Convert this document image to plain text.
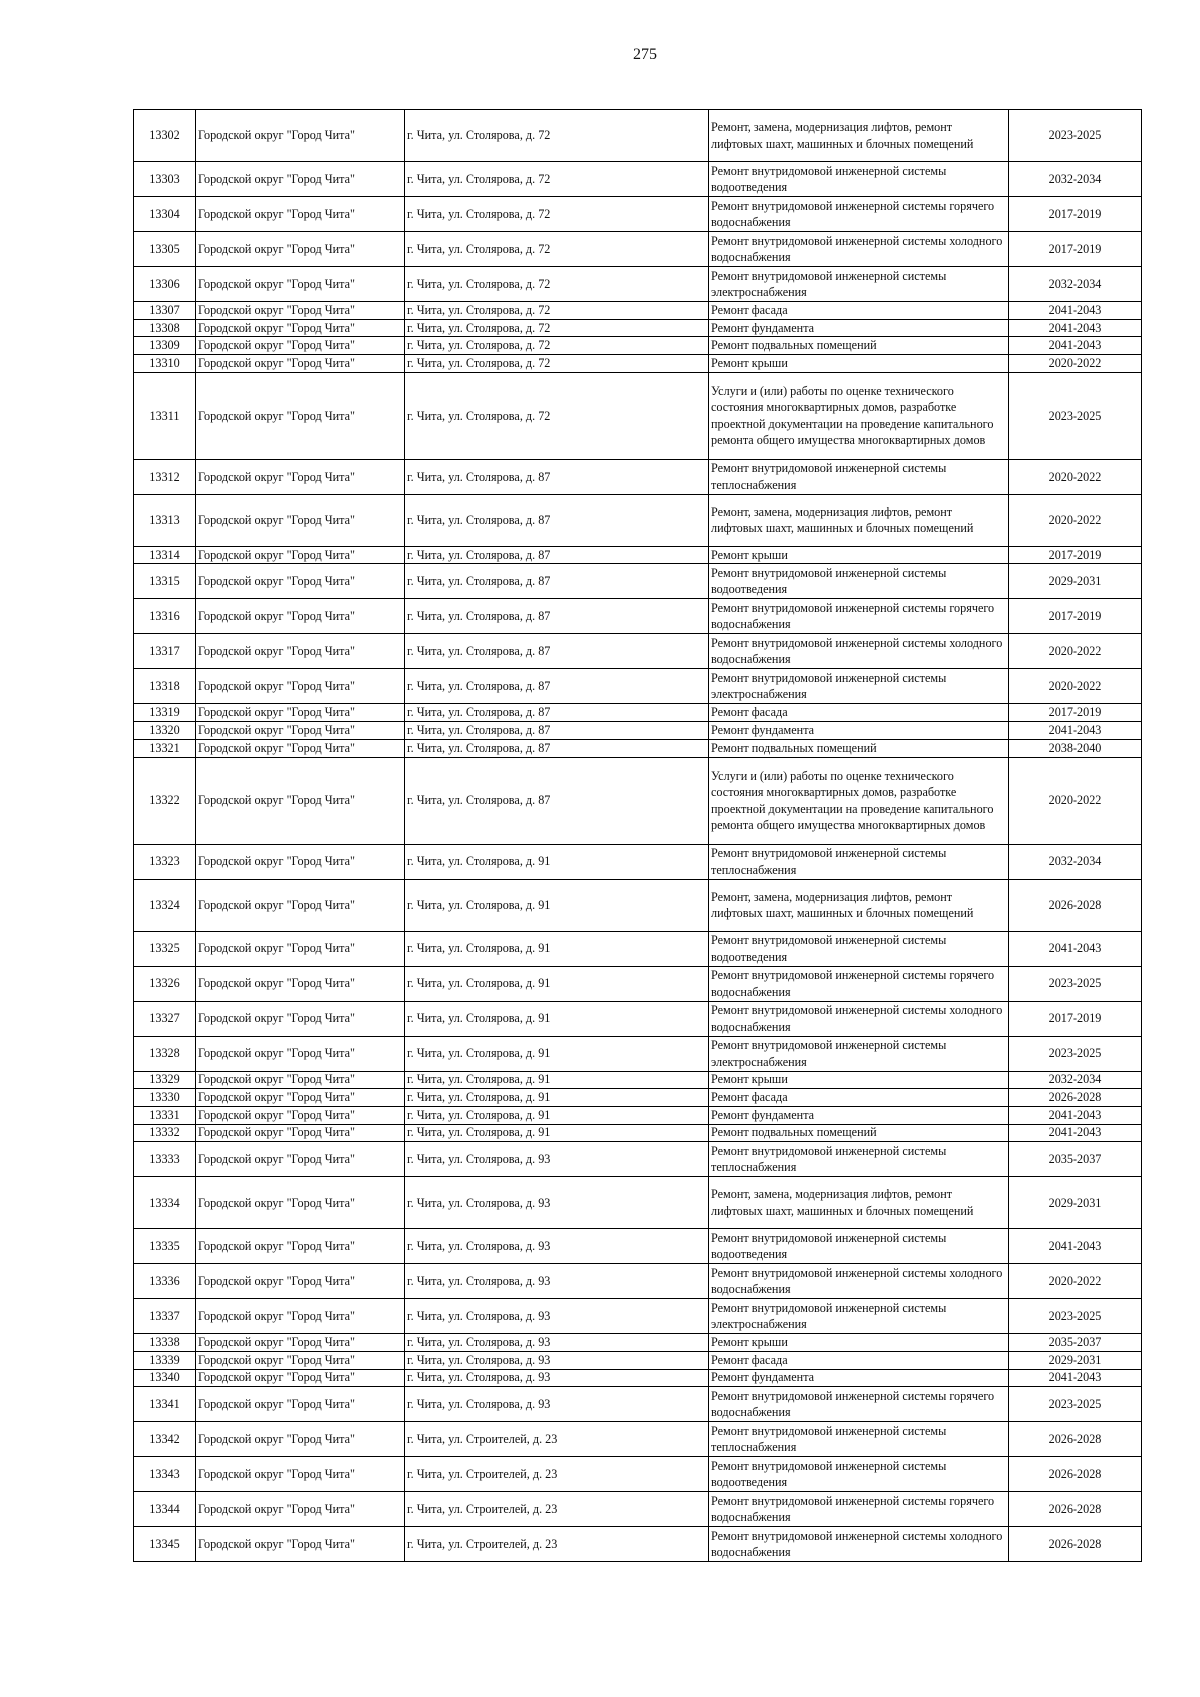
275
13302	Городской округ "Город Чита"	г. Чита, ул. Столярова, д. 72	Ремонт, замена, модернизация лифтов, ремонт лифтовых шахт, машинных и блочных помещений	2023-2025
13303	Городской округ "Город Чита"	г. Чита, ул. Столярова, д. 72	Ремонт внутридомовой инженерной системы водоотведения	2032-2034
13304	Городской округ "Город Чита"	г. Чита, ул. Столярова, д. 72	Ремонт внутридомовой инженерной системы горячего водоснабжения	2017-2019
13305	Городской округ "Город Чита"	г. Чита, ул. Столярова, д. 72	Ремонт внутридомовой инженерной системы холодного водоснабжения	2017-2019
13306	Городской округ "Город Чита"	г. Чита, ул. Столярова, д. 72	Ремонт внутридомовой инженерной системы электроснабжения	2032-2034
13307	Городской округ "Город Чита"	г. Чита, ул. Столярова, д. 72	Ремонт фасада	2041-2043
13308	Городской округ "Город Чита"	г. Чита, ул. Столярова, д. 72	Ремонт фундамента	2041-2043
13309	Городской округ "Город Чита"	г. Чита, ул. Столярова, д. 72	Ремонт подвальных помещений	2041-2043
13310	Городской округ "Город Чита"	г. Чита, ул. Столярова, д. 72	Ремонт крыши	2020-2022
13311	Городской округ "Город Чита"	г. Чита, ул. Столярова, д. 72	Услуги и (или) работы по оценке технического состояния многоквартирных домов, разработке проектной документации на проведение капитального ремонта общего имущества многоквартирных домов	2023-2025
13312	Городской округ "Город Чита"	г. Чита, ул. Столярова, д. 87	Ремонт внутридомовой инженерной системы теплоснабжения	2020-2022
13313	Городской округ "Город Чита"	г. Чита, ул. Столярова, д. 87	Ремонт, замена, модернизация лифтов, ремонт лифтовых шахт, машинных и блочных помещений	2020-2022
13314	Городской округ "Город Чита"	г. Чита, ул. Столярова, д. 87	Ремонт крыши	2017-2019
13315	Городской округ "Город Чита"	г. Чита, ул. Столярова, д. 87	Ремонт внутридомовой инженерной системы водоотведения	2029-2031
13316	Городской округ "Город Чита"	г. Чита, ул. Столярова, д. 87	Ремонт внутридомовой инженерной системы горячего водоснабжения	2017-2019
13317	Городской округ "Город Чита"	г. Чита, ул. Столярова, д. 87	Ремонт внутридомовой инженерной системы холодного водоснабжения	2020-2022
13318	Городской округ "Город Чита"	г. Чита, ул. Столярова, д. 87	Ремонт внутридомовой инженерной системы электроснабжения	2020-2022
13319	Городской округ "Город Чита"	г. Чита, ул. Столярова, д. 87	Ремонт фасада	2017-2019
13320	Городской округ "Город Чита"	г. Чита, ул. Столярова, д. 87	Ремонт фундамента	2041-2043
13321	Городской округ "Город Чита"	г. Чита, ул. Столярова, д. 87	Ремонт подвальных помещений	2038-2040
13322	Городской округ "Город Чита"	г. Чита, ул. Столярова, д. 87	Услуги и (или) работы по оценке технического состояния многоквартирных домов, разработке проектной документации на проведение капитального ремонта общего имущества многоквартирных домов	2020-2022
13323	Городской округ "Город Чита"	г. Чита, ул. Столярова, д. 91	Ремонт внутридомовой инженерной системы теплоснабжения	2032-2034
13324	Городской округ "Город Чита"	г. Чита, ул. Столярова, д. 91	Ремонт, замена, модернизация лифтов, ремонт лифтовых шахт, машинных и блочных помещений	2026-2028
13325	Городской округ "Город Чита"	г. Чита, ул. Столярова, д. 91	Ремонт внутридомовой инженерной системы водоотведения	2041-2043
13326	Городской округ "Город Чита"	г. Чита, ул. Столярова, д. 91	Ремонт внутридомовой инженерной системы горячего водоснабжения	2023-2025
13327	Городской округ "Город Чита"	г. Чита, ул. Столярова, д. 91	Ремонт внутридомовой инженерной системы холодного водоснабжения	2017-2019
13328	Городской округ "Город Чита"	г. Чита, ул. Столярова, д. 91	Ремонт внутридомовой инженерной системы электроснабжения	2023-2025
13329	Городской округ "Город Чита"	г. Чита, ул. Столярова, д. 91	Ремонт крыши	2032-2034
13330	Городской округ "Город Чита"	г. Чита, ул. Столярова, д. 91	Ремонт фасада	2026-2028
13331	Городской округ "Город Чита"	г. Чита, ул. Столярова, д. 91	Ремонт фундамента	2041-2043
13332	Городской округ "Город Чита"	г. Чита, ул. Столярова, д. 91	Ремонт подвальных помещений	2041-2043
13333	Городской округ "Город Чита"	г. Чита, ул. Столярова, д. 93	Ремонт внутридомовой инженерной системы теплоснабжения	2035-2037
13334	Городской округ "Город Чита"	г. Чита, ул. Столярова, д. 93	Ремонт, замена, модернизация лифтов, ремонт лифтовых шахт, машинных и блочных помещений	2029-2031
13335	Городской округ "Город Чита"	г. Чита, ул. Столярова, д. 93	Ремонт внутридомовой инженерной системы водоотведения	2041-2043
13336	Городской округ "Город Чита"	г. Чита, ул. Столярова, д. 93	Ремонт внутридомовой инженерной системы холодного водоснабжения	2020-2022
13337	Городской округ "Город Чита"	г. Чита, ул. Столярова, д. 93	Ремонт внутридомовой инженерной системы электроснабжения	2023-2025
13338	Городской округ "Город Чита"	г. Чита, ул. Столярова, д. 93	Ремонт крыши	2035-2037
13339	Городской округ "Город Чита"	г. Чита, ул. Столярова, д. 93	Ремонт фасада	2029-2031
13340	Городской округ "Город Чита"	г. Чита, ул. Столярова, д. 93	Ремонт фундамента	2041-2043
13341	Городской округ "Город Чита"	г. Чита, ул. Столярова, д. 93	Ремонт внутридомовой инженерной системы горячего водоснабжения	2023-2025
13342	Городской округ "Город Чита"	г. Чита, ул. Строителей, д. 23	Ремонт внутридомовой инженерной системы теплоснабжения	2026-2028
13343	Городской округ "Город Чита"	г. Чита, ул. Строителей, д. 23	Ремонт внутридомовой инженерной системы водоотведения	2026-2028
13344	Городской округ "Город Чита"	г. Чита, ул. Строителей, д. 23	Ремонт внутридомовой инженерной системы горячего водоснабжения	2026-2028
13345	Городской округ "Город Чита"	г. Чита, ул. Строителей, д. 23	Ремонт внутридомовой инженерной системы холодного водоснабжения	2026-2028
